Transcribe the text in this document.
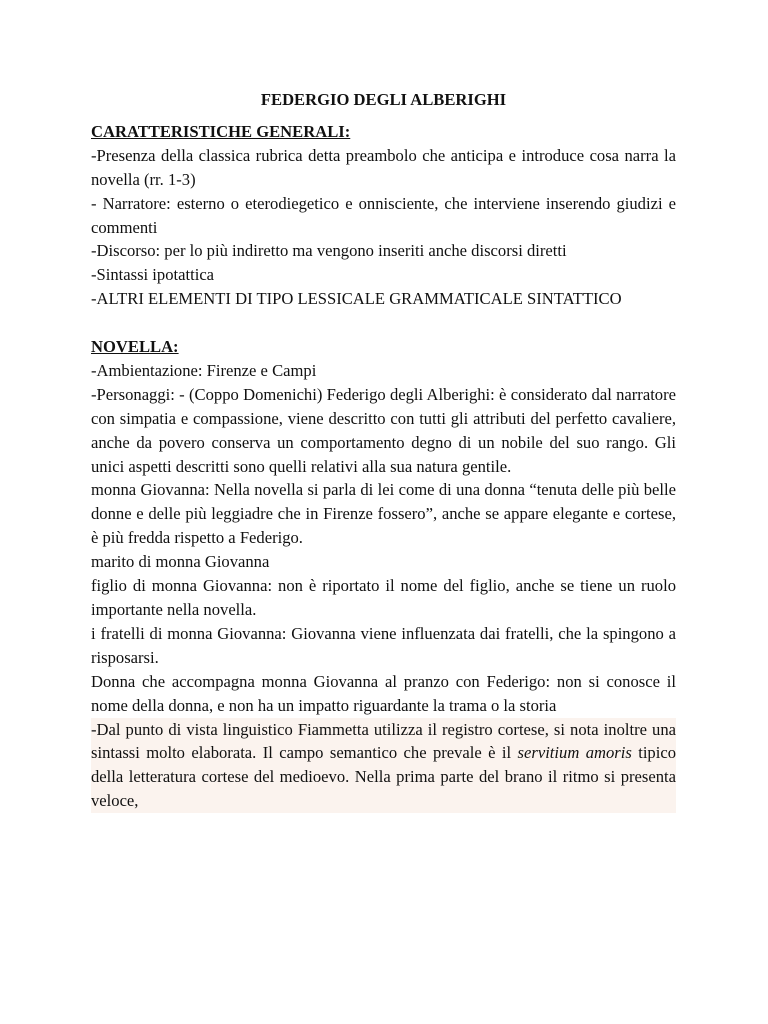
FEDERGIO DEGLI ALBERIGHI

CARATTERISTICHE GENERALI:

-Presenza della classica rubrica detta preambolo che anticipa e introduce cosa narra la novella (rr. 1-3)

- Narratore: esterno o eterodiegetico e onnisciente, che interviene inserendo giudizi e commenti

-Discorso: per lo più indiretto ma vengono inseriti anche discorsi diretti

-Sintassi ipotattica

-ALTRI ELEMENTI DI TIPO LESSICALE GRAMMATICALE SINTATTICO

NOVELLA:

-Ambientazione: Firenze e Campi

-Personaggi: - (Coppo Domenichi) Federigo degli Alberighi: è considerato dal narratore con simpatia e compassione, viene descritto con tutti gli attributi del perfetto cavaliere, anche da povero conserva un comportamento degno di un nobile del suo rango. Gli unici aspetti descritti sono quelli relativi alla sua natura gentile.

monna Giovanna: Nella novella si parla di lei come di una donna “tenuta delle più belle donne e delle più leggiadre che in Firenze fossero”, anche se appare elegante e cortese, è più fredda rispetto a Federigo.

marito di monna Giovanna

figlio di monna Giovanna: non è riportato il nome del figlio, anche se tiene un ruolo importante nella novella.

i fratelli di monna Giovanna: Giovanna viene influenzata dai fratelli, che la spingono a risposarsi.

Donna che accompagna monna Giovanna al pranzo con Federigo: non si conosce il nome della donna, e non ha un impatto riguardante la trama o la storia

-Dal punto di vista linguistico Fiammetta utilizza il registro cortese, si nota inoltre una sintassi molto elaborata. Il campo semantico che prevale è il servitium amoris tipico della letteratura cortese del medioevo. Nella prima parte del brano il ritmo si presenta veloce,
